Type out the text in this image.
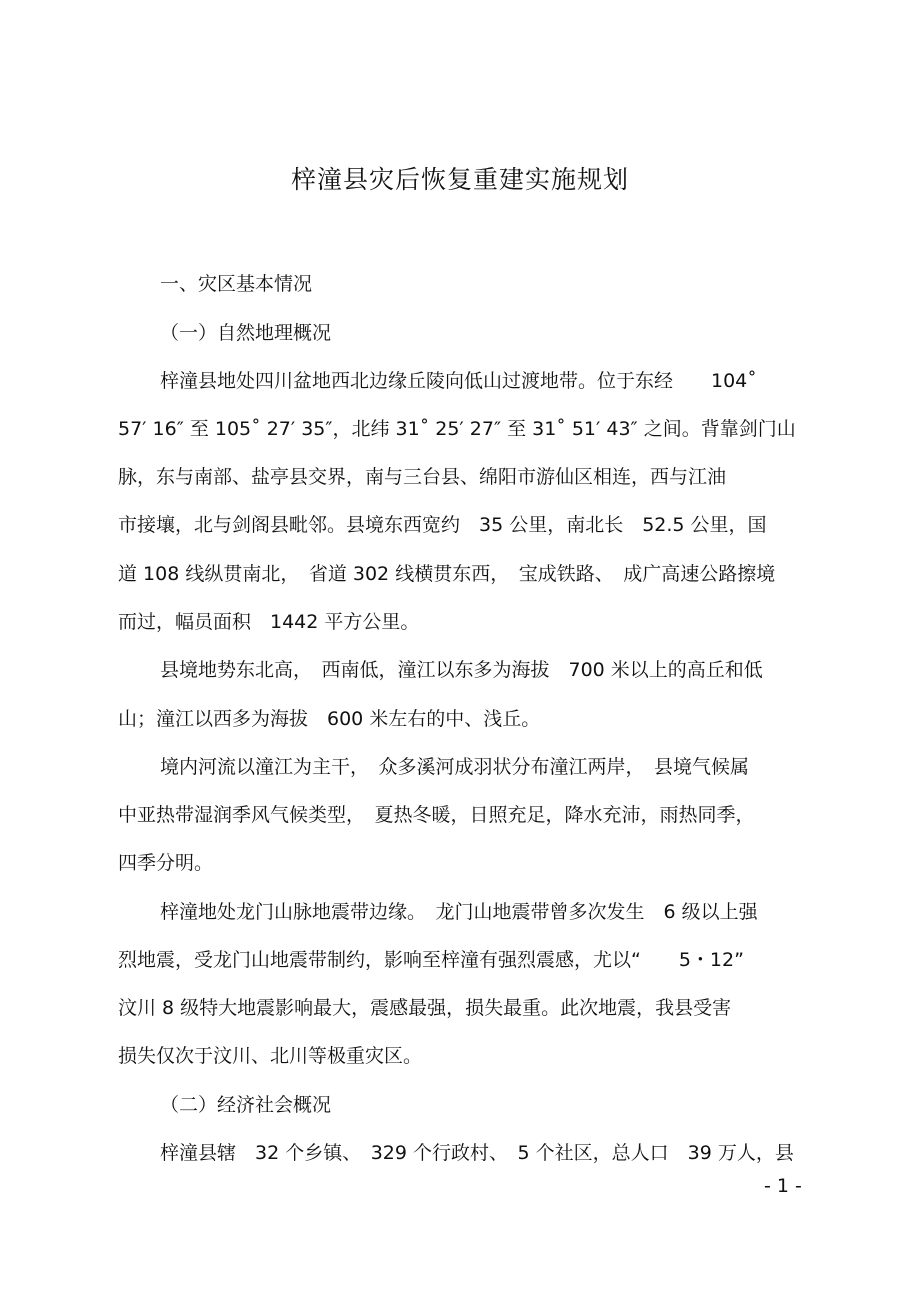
梓潼县灾后恢复重建实施规划

一、灾区基本情况

（一）自然地理概况

梓潼县地处四川盆地西北边缘丘陵向低山过渡地带。位于东经　　104˚

57′ 16″ 至 105˚ 27′ 35″，北纬 31˚ 25′ 27″ 至 31˚ 51′ 43″ 之间。背靠剑门山

脉，东与南部、盐亭县交界，南与三台县、绵阳市游仙区相连，西与江油

市接壤，北与剑阁县毗邻。县境东西宽约　35 公里，南北长　52.5 公里，国

道 108 线纵贯南北，　省道 302 线横贯东西，　宝成铁路、　成广高速公路擦境

而过，幅员面积　1442 平方公里。

县境地势东北高，　西南低，潼江以东多为海拔　700 米以上的高丘和低

山；潼江以西多为海拔　600 米左右的中、浅丘。

境内河流以潼江为主干，　众多溪河成羽状分布潼江两岸，　县境气候属

中亚热带湿润季风气候类型，　夏热冬暖，日照充足，降水充沛，雨热同季，

四季分明。

梓潼地处龙门山脉地震带边缘。　龙门山地震带曾多次发生　6 级以上强

烈地震，受龙门山地震带制约，影响至梓潼有强烈震感，尤以“　　5・12”

汶川 8 级特大地震影响最大，震感最强，损失最重。此次地震，我县受害

损失仅次于汶川、北川等极重灾区。

（二）经济社会概况

梓潼县辖　32 个乡镇、　329 个行政村、　5 个社区，总人口　39 万人，县

- 1 -
